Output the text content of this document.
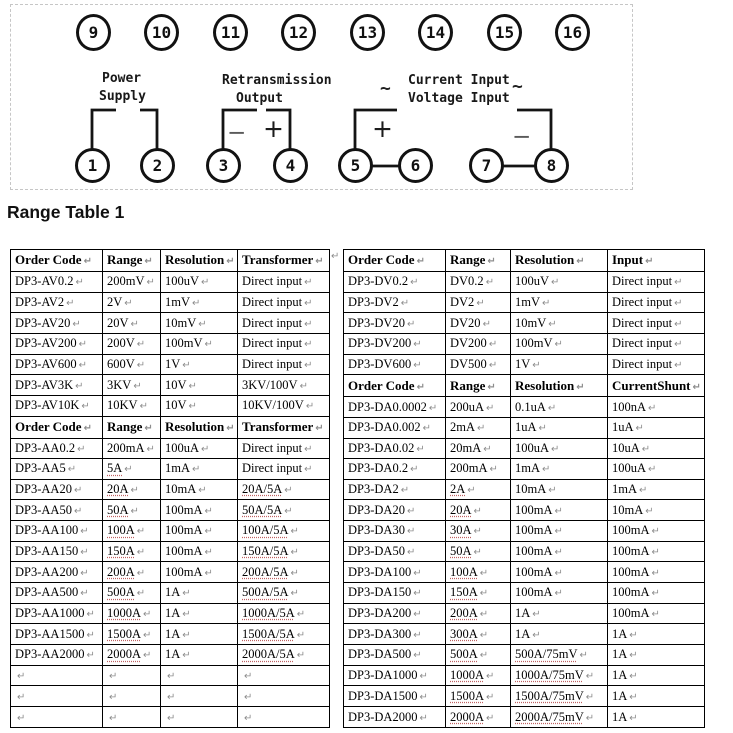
9	10	11	12	13	14	15	16
1	2	3	4	5	6	7	8
Power
Supply
Retransmission
Output	~ Current Input ~
Voltage Input
− +	+	−
Range Table 1
Order Code ↵	Range ↵	Resolution ↵	Transformer ↵
DP3-AV0.2 ↵	200mV ↵	100uV ↵	Direct input ↵
DP3-AV2 ↵	2V ↵	1mV ↵	Direct input ↵
DP3-AV20 ↵	20V ↵	10mV ↵	Direct input ↵
DP3-AV200 ↵	200V ↵	100mV ↵	Direct input ↵
DP3-AV600 ↵	600V ↵	1V ↵	Direct input ↵
DP3-AV3K ↵	3KV ↵	10V ↵	3KV/100V ↵
DP3-AV10K ↵	10KV ↵	10V ↵	10KV/100V ↵
Order Code ↵	Range ↵	Resolution ↵	Transformer ↵
DP3-AA0.2 ↵	200mA ↵	100uA ↵	Direct input ↵
DP3-AA5 ↵	5A ↵	1mA ↵	Direct input ↵
DP3-AA20 ↵	20A ↵	10mA ↵	20A/5A ↵
DP3-AA50 ↵	50A ↵	100mA ↵	50A/5A ↵
DP3-AA100 ↵	100A ↵	100mA ↵	100A/5A ↵
DP3-AA150 ↵	150A ↵	100mA ↵	150A/5A ↵
DP3-AA200 ↵	200A ↵	100mA ↵	200A/5A ↵
DP3-AA500 ↵	500A ↵	1A ↵	500A/5A ↵
DP3-AA1000 ↵	1000A ↵	1A ↵	1000A/5A ↵
DP3-AA1500 ↵	1500A ↵	1A ↵	1500A/5A ↵
DP3-AA2000 ↵	2000A ↵	1A ↵	2000A/5A ↵
↵	↵	↵	↵
↵	↵	↵	↵
↵	↵	↵	↵
↵ Order Code ↵	Range ↵	Resolution ↵	Input ↵
DP3-DV0.2 ↵	DV0.2 ↵	100uV ↵	Direct input ↵
DP3-DV2 ↵	DV2 ↵	1mV ↵	Direct input ↵
DP3-DV20 ↵	DV20 ↵	10mV ↵	Direct input ↵
DP3-DV200 ↵	DV200 ↵	100mV ↵	Direct input ↵
DP3-DV600 ↵	DV500 ↵	1V ↵	Direct input ↵
Order Code ↵	Range ↵	Resolution ↵	CurrentShunt ↵
DP3-DA0.0002 ↵	200uA ↵	0.1uA ↵	100nA ↵
DP3-DA0.002 ↵	2mA ↵	1uA ↵	1uA ↵
DP3-DA0.02 ↵	20mA ↵	100uA ↵	10uA ↵
DP3-DA0.2 ↵	200mA ↵	1mA ↵	100uA ↵
DP3-DA2 ↵	2A ↵	10mA ↵	1mA ↵
DP3-DA20 ↵	20A ↵	100mA ↵	10mA ↵
DP3-DA30 ↵	30A ↵	100mA ↵	100mA ↵
DP3-DA50 ↵	50A ↵	100mA ↵	100mA ↵
DP3-DA100 ↵	100A ↵	100mA ↵	100mA ↵
DP3-DA150 ↵	150A ↵	100mA ↵	100mA ↵
DP3-DA200 ↵	200A ↵	1A ↵	100mA ↵
DP3-DA300 ↵	300A ↵	1A ↵	1A ↵
DP3-DA500 ↵	500A ↵	500A/75mV ↵	1A ↵
DP3-DA1000 ↵	1000A ↵	1000A/75mV ↵	1A ↵
DP3-DA1500 ↵	1500A ↵	1500A/75mV ↵	1A ↵
DP3-DA2000 ↵	2000A ↵	2000A/75mV ↵	1A ↵
